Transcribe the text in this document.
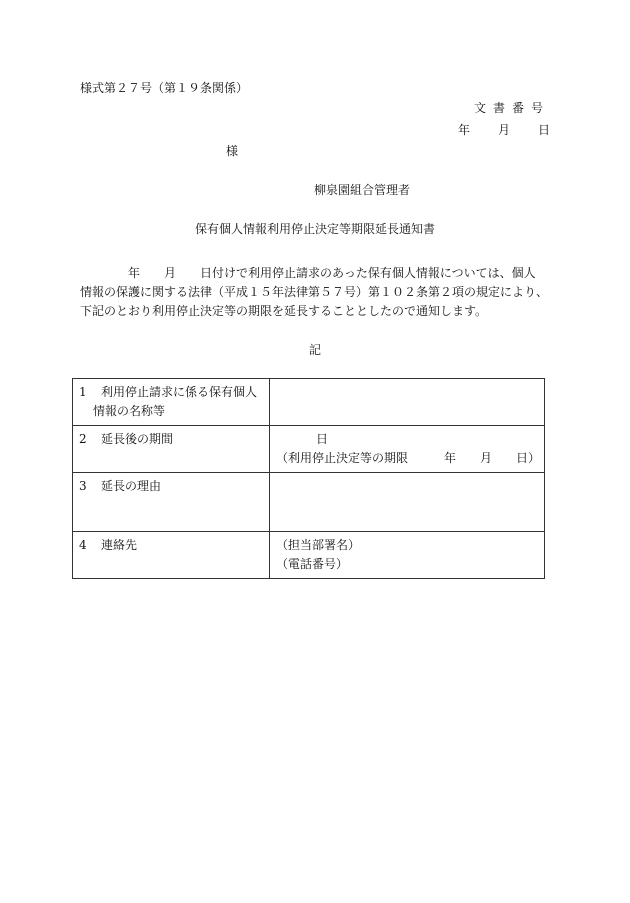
様式第２７号（第１９条関係）
文書番号
年 月 日
様
柳泉園組合管理者
保有個人情報利用停止決定等期限延長通知書
　　　　年　　月　　日付けで利用停止請求のあった保有個人情報については、個人
情報の保護に関する法律（平成１５年法律第５７号）第１０２条第２項の規定により、
下記のとおり利用停止決定等の期限を延長することとしたので通知します。
記
1 利用停止請求に係る保有個人
情報の名称等	

2 延長後の期間	日
（利用停止決定等の期限　　　年　　月　　日）

3 延長の理由	

4 連絡先	（担当部署名）
（電話番号）
